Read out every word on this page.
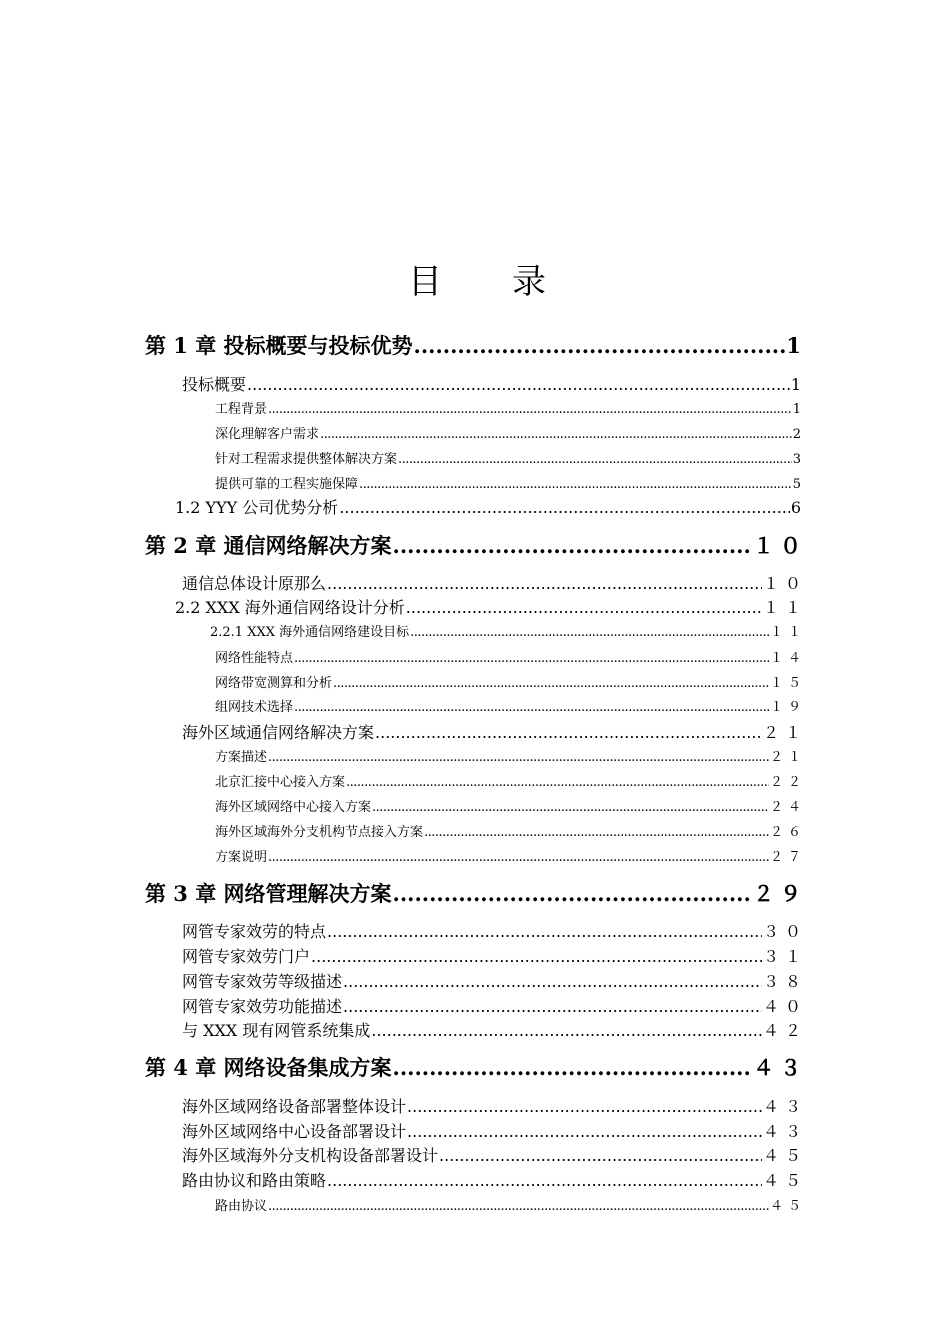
目 录
第 1 章 投标概要与投标优势 .....	1
投标概要 .....	1
工程背景 .....	1
深化理解客户需求 .....	2
针对工程需求提供整体解决方案 .....	3
提供可靠的工程实施保障 .....	5
1.2 YYY 公司优势分析 .....	6
第 2 章 通信网络解决方案 .....	１０
通信总体设计原那么 .....	１０
2.2 XXX 海外通信网络设计分析 .....	１１
2.2.1 XXX 海外通信网络建设目标 .....	１１
网络性能特点 .....	１４
网络带宽测算和分析 .....	１５
组网技术选择 .....	１９
海外区域通信网络解决方案 .....	２１
方案描述 .....	２１
北京汇接中心接入方案 .....	２２
海外区域网络中心接入方案 .....	２４
海外区域海外分支机构节点接入方案 .....	２６
方案说明 .....	２７
第 3 章 网络管理解决方案 .....	２９
网管专家效劳的特点 .....	３０
网管专家效劳门户 .....	３１
网管专家效劳等级描述 .....	３８
网管专家效劳功能描述 .....	４０
与 XXX 现有网管系统集成 .....	４２
第 4 章 网络设备集成方案 .....	４３
海外区域网络设备部署整体设计 .....	４３
海外区域网络中心设备部署设计 .....	４３
海外区域海外分支机构设备部署设计 .....	４５
路由协议和路由策略 .....	４５
路由协议 .....	４５
